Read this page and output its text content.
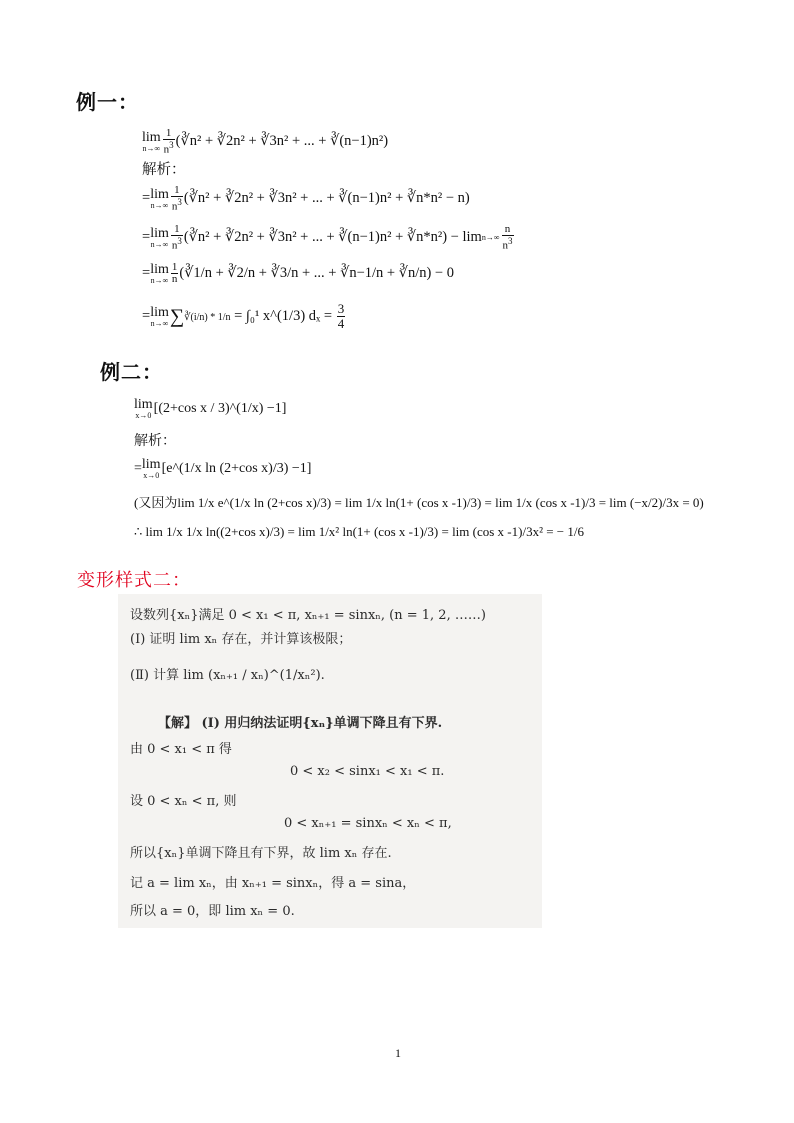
例一：
lim
$n\to\infty \frac{1}{n^3}$ (∛n² + ∛2n² + ∛3n² + ... + ∛(n−1)n²)
解析：
= lim
$n\to\infty \frac{1}{n^3}$ (∛n² + ∛2n² + ∛3n² + ... + ∛(n−1)n² + ∛n*n² − n)
= lim
$n\to\infty \frac{1}{n^3}$ (∛n² + ∛2n² + ∛3n² + ... + ∛(n−1)n² + ∛n*n²) − $\lim n\to\infty \frac{n}{n^3}$
= lim
$n\to\infty \frac{1}{n}$ (∛1/n + ∛2/n + ∛3/n + ... + ∛n−1/n + ∛n/n) − 0
= lim
n→∞ ∑∛(i/n) * 1/n = ∫₀¹ x^(1/3) $d_x = \frac{3}{4}$
例二：
lim
x→0 [(2+cos x / 3)^(1/x) −1]
解析：
= lim
x→0 [e^(1/x ln (2+cos x)/3) −1]
(又因为lim 1/x e^(1/x ln (2+cos x)/3) = lim 1/x ln(1+ (cos x -1)/3) = lim 1/x (cos x -1)/3 = lim (−x/2)/3x = 0)
∴ lim 1/x 1/x ln((2+cos x)/3) = lim 1/x² ln(1+ (cos x -1)/3) = lim (cos x -1)/3x² = − 1/6
变形样式二：
设数列{xₙ}满足 0 < x₁ < π, xₙ₊₁ = sinxₙ, (n = 1, 2, ……)
(Ⅰ) 证明 lim xₙ 存在，并计算该极限；
(Ⅱ) 计算 lim (xₙ₊₁ / xₙ)^(1/xₙ²).
【解】 (Ⅰ) 用归纳法证明{xₙ}单调下降且有下界.
由 0 < x₁ < π 得
0 < x₂ < sinx₁ < x₁ < π.
设 0 < xₙ < π, 则
0 < xₙ₊₁ = sinxₙ < xₙ < π,
所以{xₙ}单调下降且有下界，故 lim xₙ 存在.
记 a = lim xₙ，由 xₙ₊₁ = sinxₙ，得 a = sina，
所以 a = 0，即 lim xₙ = 0.
1
